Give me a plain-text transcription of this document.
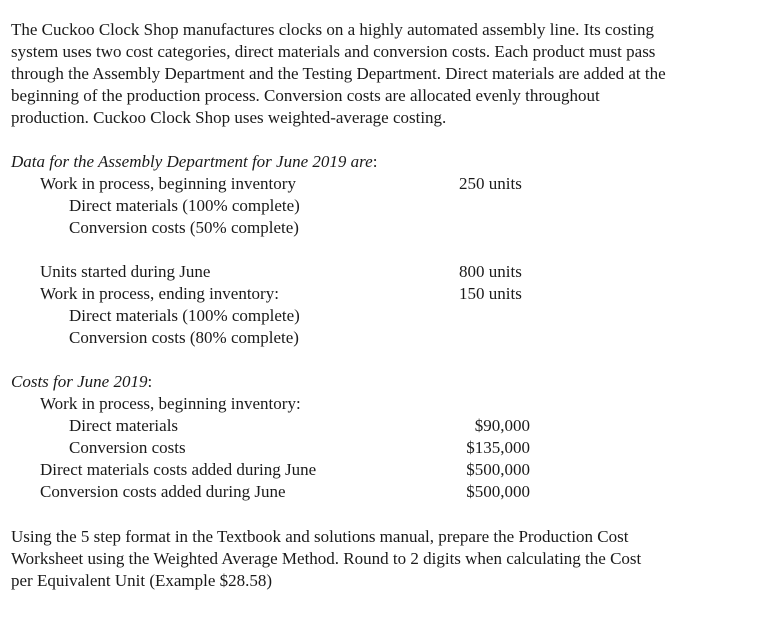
The Cuckoo Clock Shop manufactures clocks on a highly automated assembly line. Its costing
system uses two cost categories, direct materials and conversion costs. Each product must pass
through the Assembly Department and the Testing Department. Direct materials are added at the
beginning of the production process. Conversion costs are allocated evenly throughout
production. Cuckoo Clock Shop uses weighted-average costing.
Data for the Assembly Department for June 2019 are:
Work in process, beginning inventory	250 units
Direct materials (100% complete)
Conversion costs (50% complete)
Units started during June	800 units
Work in process, ending inventory:	150 units
Direct materials (100% complete)
Conversion costs (80% complete)
Costs for June 2019:
Work in process, beginning inventory:
Direct materials	$90,000
Conversion costs	$135,000
Direct materials costs added during June	$500,000
Conversion costs added during June	$500,000
Using the 5 step format in the Textbook and solutions manual, prepare the Production Cost
Worksheet using the Weighted Average Method. Round to 2 digits when calculating the Cost
per Equivalent Unit (Example $28.58)
